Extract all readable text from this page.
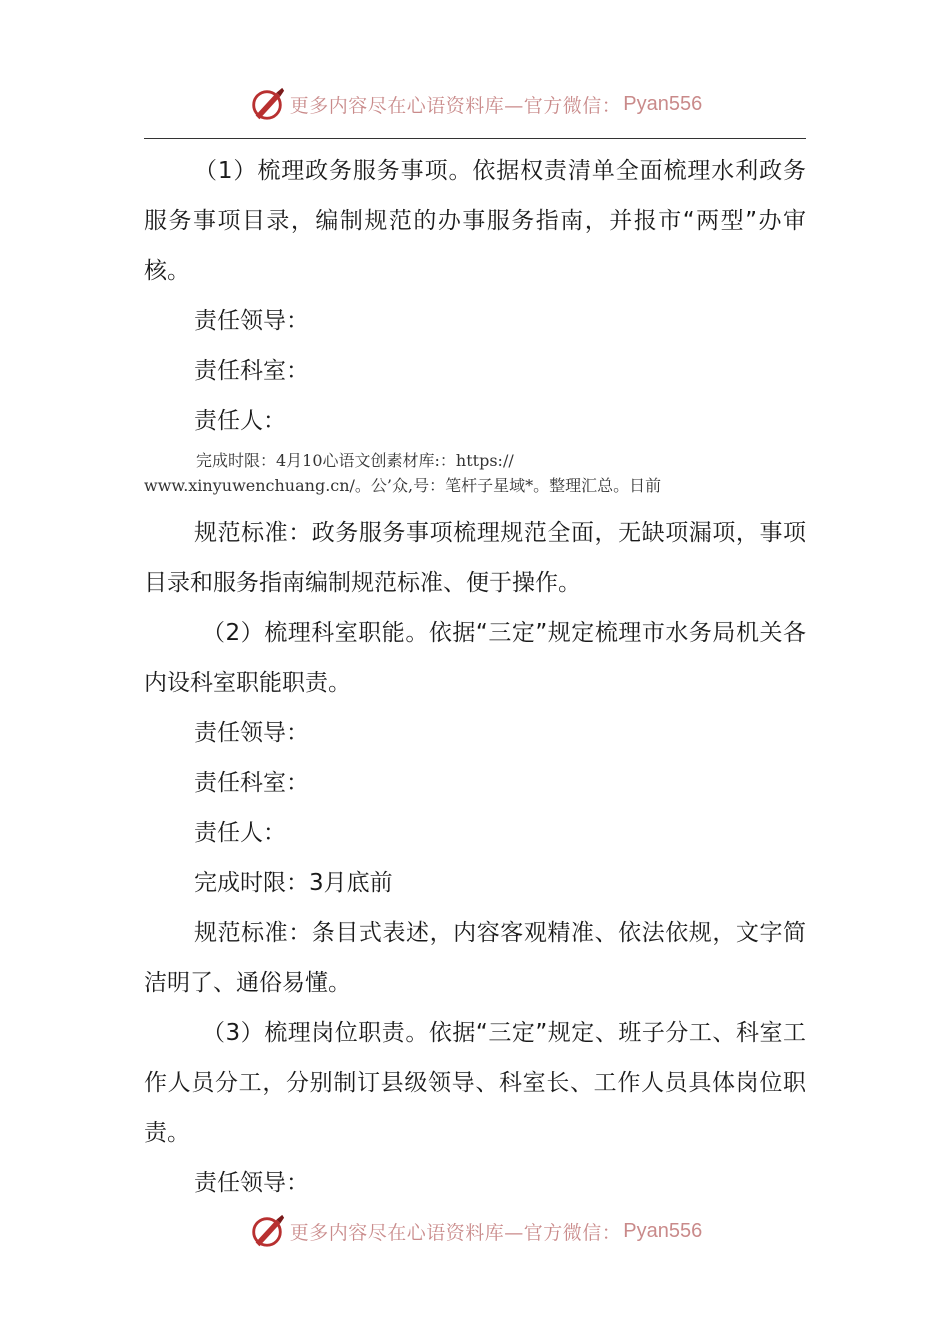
更多内容尽在心语资料库—官方微信： Pyan556

（1）梳理政务服务事项。依据权责清单全面梳理水利政务服务事项目录，编制规范的办事服务指南，并报市“两型”办审核。

责任领导：

责任科室：

责任人：

完成时限：4月10心语文创素材库:：https://
www.xinyuwenchuang.cn/。公’众,号：笔杆子星域*。整理汇总。日前

规范标准：政务服务事项梳理规范全面，无缺项漏项，事项目录和服务指南编制规范标准、便于操作。

（2）梳理科室职能。依据“三定”规定梳理市水务局机关各内设科室职能职责。

责任领导：

责任科室：

责任人：

完成时限：3月底前

规范标准：条目式表述，内容客观精准、依法依规，文字简洁明了、通俗易懂。

（3）梳理岗位职责。依据“三定”规定、班子分工、科室工作人员分工，分别制订县级领导、科室长、工作人员具体岗位职责。

责任领导：

更多内容尽在心语资料库—官方微信： Pyan556
